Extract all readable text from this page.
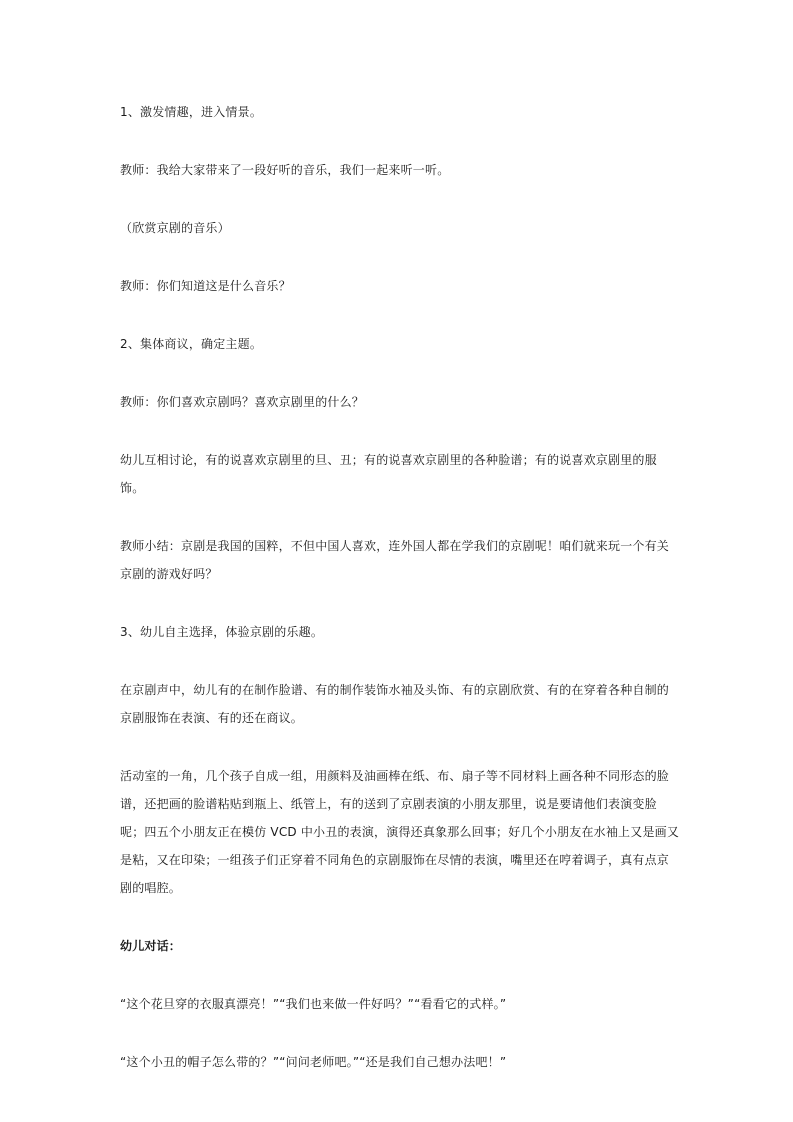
1、激发情趣，进入情景。

教师：我给大家带来了一段好听的音乐，我们一起来听一听。

（欣赏京剧的音乐）

教师：你们知道这是什么音乐？

2、集体商议，确定主题。

教师：你们喜欢京剧吗？喜欢京剧里的什么？

幼儿互相讨论，有的说喜欢京剧里的旦、丑；有的说喜欢京剧里的各种脸谱；有的说喜欢京剧里的服饰。

教师小结：京剧是我国的国粹，不但中国人喜欢，连外国人都在学我们的京剧呢！咱们就来玩一个有关京剧的游戏好吗？

3、幼儿自主选择，体验京剧的乐趣。

在京剧声中，幼儿有的在制作脸谱、有的制作装饰水袖及头饰、有的京剧欣赏、有的在穿着各种自制的京剧服饰在表演、有的还在商议。

活动室的一角，几个孩子自成一组，用颜料及油画棒在纸、布、扇子等不同材料上画各种不同形态的脸谱，还把画的脸谱粘贴到瓶上、纸管上，有的送到了京剧表演的小朋友那里，说是要请他们表演变脸呢；四五个小朋友正在模仿 VCD 中小丑的表演，演得还真象那么回事；好几个小朋友在水袖上又是画又是粘，又在印染；一组孩子们正穿着不同角色的京剧服饰在尽情的表演，嘴里还在哼着调子，真有点京剧的唱腔。

幼儿对话：

“这个花旦穿的衣服真漂亮！”“我们也来做一件好吗？”“看看它的式样。”

“这个小丑的帽子怎么带的？”“问问老师吧。”“还是我们自己想办法吧！”
